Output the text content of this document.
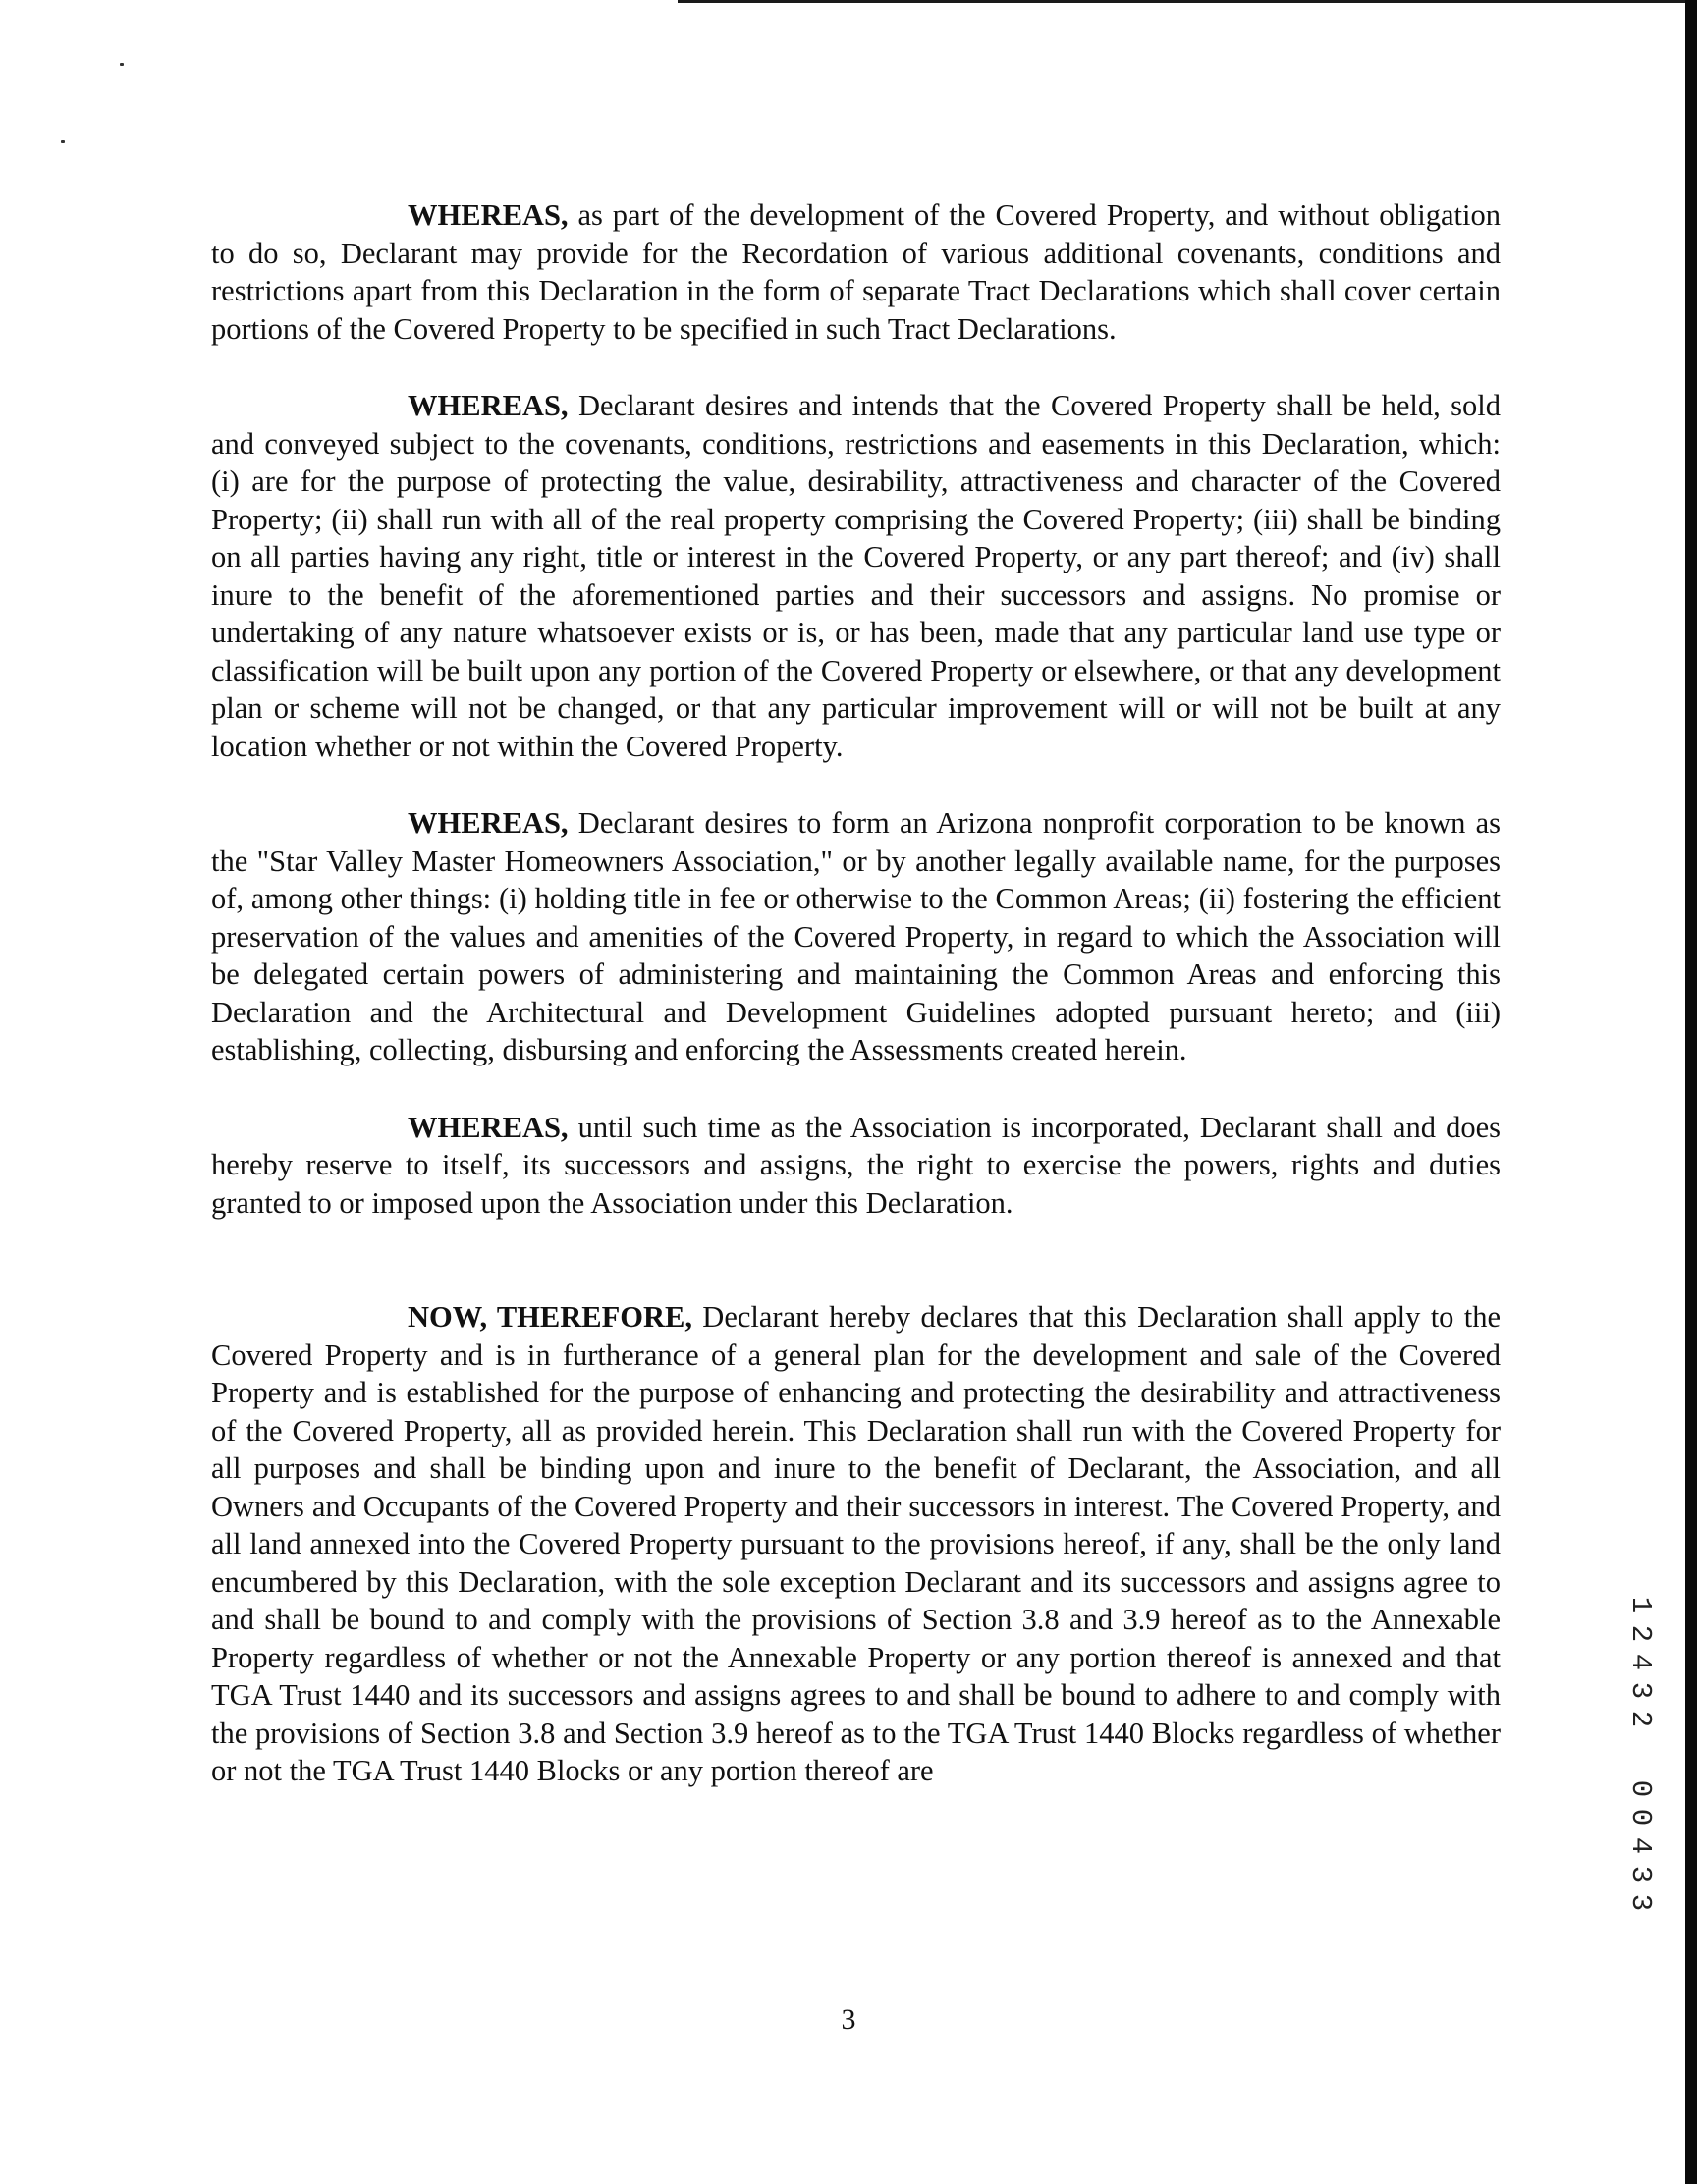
WHEREAS, as part of the development of the Covered Property, and without obligation to do so, Declarant may provide for the Recordation of various additional covenants, conditions and restrictions apart from this Declaration in the form of separate Tract Declarations which shall cover certain portions of the Covered Property to be specified in such Tract Declarations.

WHEREAS, Declarant desires and intends that the Covered Property shall be held, sold and conveyed subject to the covenants, conditions, restrictions and easements in this Declaration, which: (i) are for the purpose of protecting the value, desirability, attractiveness and character of the Covered Property; (ii) shall run with all of the real property comprising the Covered Property; (iii) shall be binding on all parties having any right, title or interest in the Covered Property, or any part thereof; and (iv) shall inure to the benefit of the aforementioned parties and their successors and assigns. No promise or undertaking of any nature whatsoever exists or is, or has been, made that any particular land use type or classification will be built upon any portion of the Covered Property or elsewhere, or that any development plan or scheme will not be changed, or that any particular improvement will or will not be built at any location whether or not within the Covered Property.

WHEREAS, Declarant desires to form an Arizona nonprofit corporation to be known as the "Star Valley Master Homeowners Association," or by another legally available name, for the purposes of, among other things: (i) holding title in fee or otherwise to the Common Areas; (ii) fostering the efficient preservation of the values and amenities of the Covered Property, in regard to which the Association will be delegated certain powers of administering and maintaining the Common Areas and enforcing this Declaration and the Architectural and Development Guidelines adopted pursuant hereto; and (iii) establishing, collecting, disbursing and enforcing the Assessments created herein.

WHEREAS, until such time as the Association is incorporated, Declarant shall and does hereby reserve to itself, its successors and assigns, the right to exercise the powers, rights and duties granted to or imposed upon the Association under this Declaration.

NOW, THEREFORE, Declarant hereby declares that this Declaration shall apply to the Covered Property and is in furtherance of a general plan for the development and sale of the Covered Property and is established for the purpose of enhancing and protecting the desirability and attractiveness of the Covered Property, all as provided herein. This Declaration shall run with the Covered Property for all purposes and shall be binding upon and inure to the benefit of Declarant, the Association, and all Owners and Occupants of the Covered Property and their successors in interest. The Covered Property, and all land annexed into the Covered Property pursuant to the provisions hereof, if any, shall be the only land encumbered by this Declaration, with the sole exception Declarant and its successors and assigns agree to and shall be bound to and comply with the provisions of Section 3.8 and 3.9 hereof as to the Annexable Property regardless of whether or not the Annexable Property or any portion thereof is annexed and that TGA Trust 1440 and its successors and assigns agrees to and shall be bound to adhere to and comply with the provisions of Section 3.8 and Section 3.9 hereof as to the TGA Trust 1440 Blocks regardless of whether or not the TGA Trust 1440 Blocks or any portion thereof are

3
1
2
4
3
2
0
0
4
3
3
